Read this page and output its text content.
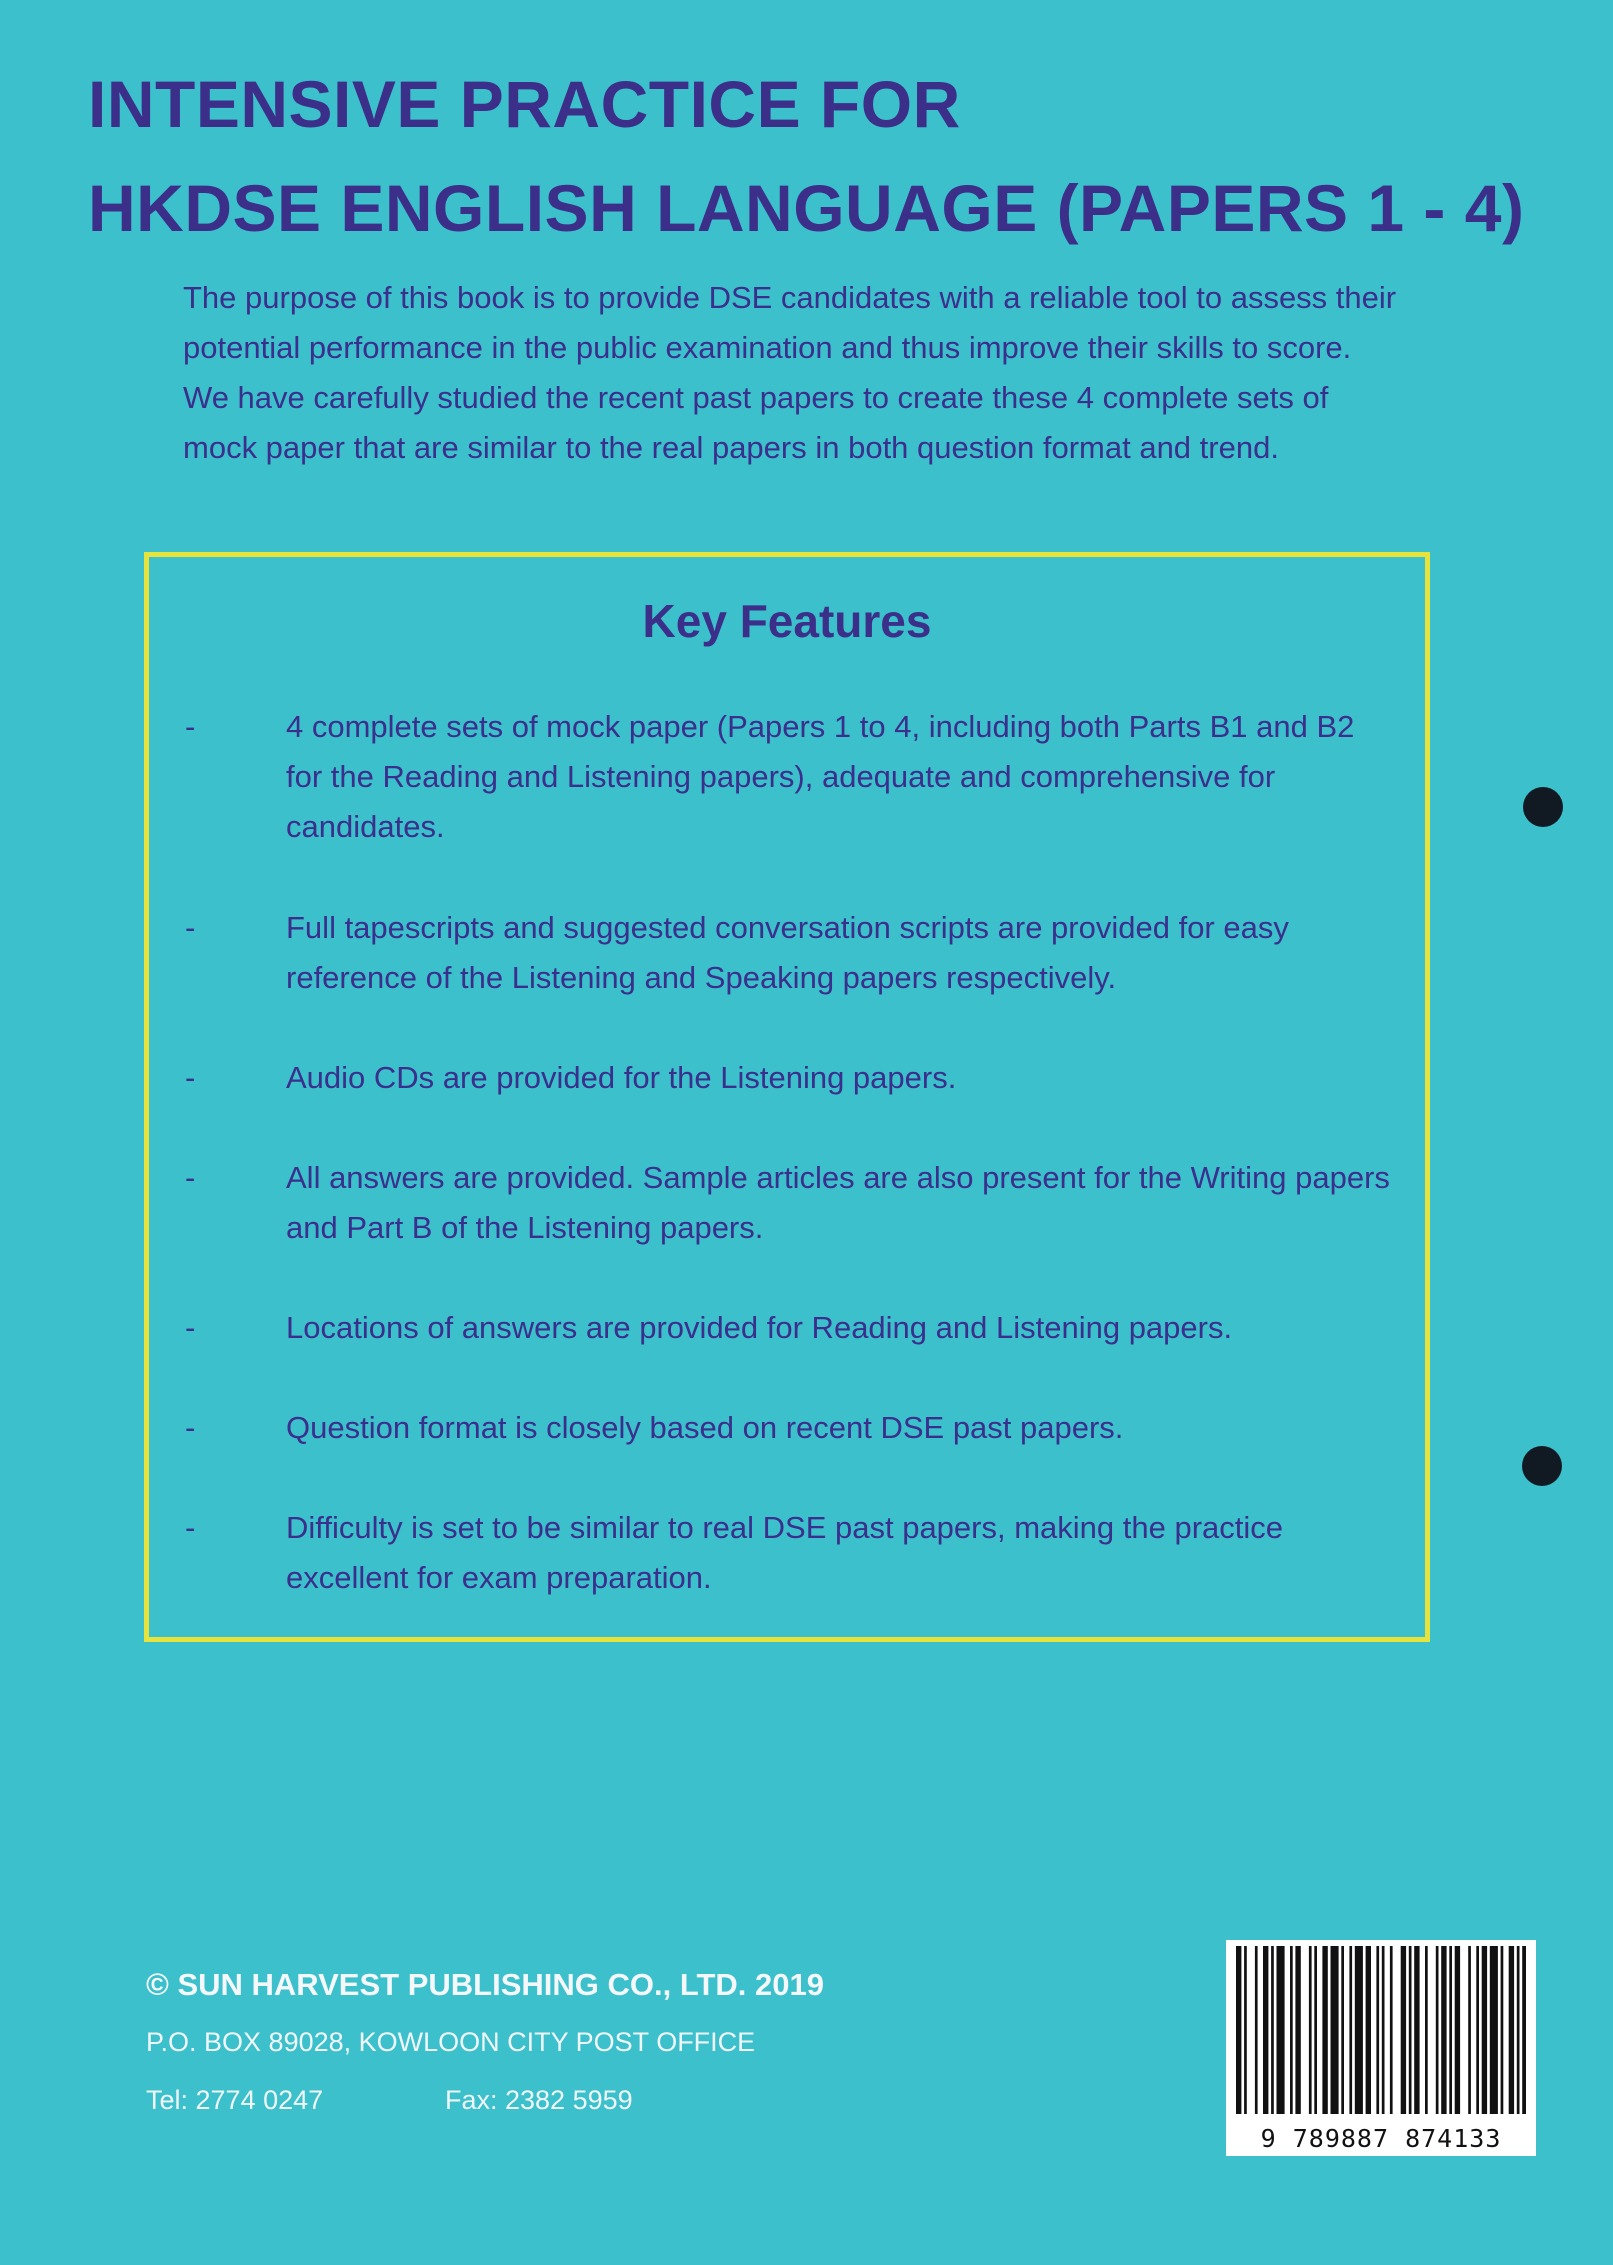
INTENSIVE PRACTICE FOR
HKDSE ENGLISH LANGUAGE (PAPERS 1 - 4)

The purpose of this book is to provide DSE candidates with a reliable tool to assess their potential performance in the public examination and thus improve their skills to score. We have carefully studied the recent past papers to create these 4 complete sets of mock paper that are similar to the real papers in both question format and trend.

Key Features
-	4 complete sets of mock paper (Papers 1 to 4, including both Parts B1 and B2 for the Reading and Listening papers), adequate and comprehensive for candidates.
-	Full tapescripts and suggested conversation scripts are provided for easy reference of the Listening and Speaking papers respectively.
-	Audio CDs are provided for the Listening papers.
-	All answers are provided. Sample articles are also present for the Writing papers and Part B of the Listening papers.
-	Locations of answers are provided for Reading and Listening papers.
-	Question format is closely based on recent DSE past papers.
-	Difficulty is set to be similar to real DSE past papers, making the practice excellent for exam preparation.

© SUN HARVEST PUBLISHING CO., LTD. 2019

P.O. BOX 89028, KOWLOON CITY POST OFFICE
Tel: 2774 0247	Fax: 2382 5959
9 789887 874133
